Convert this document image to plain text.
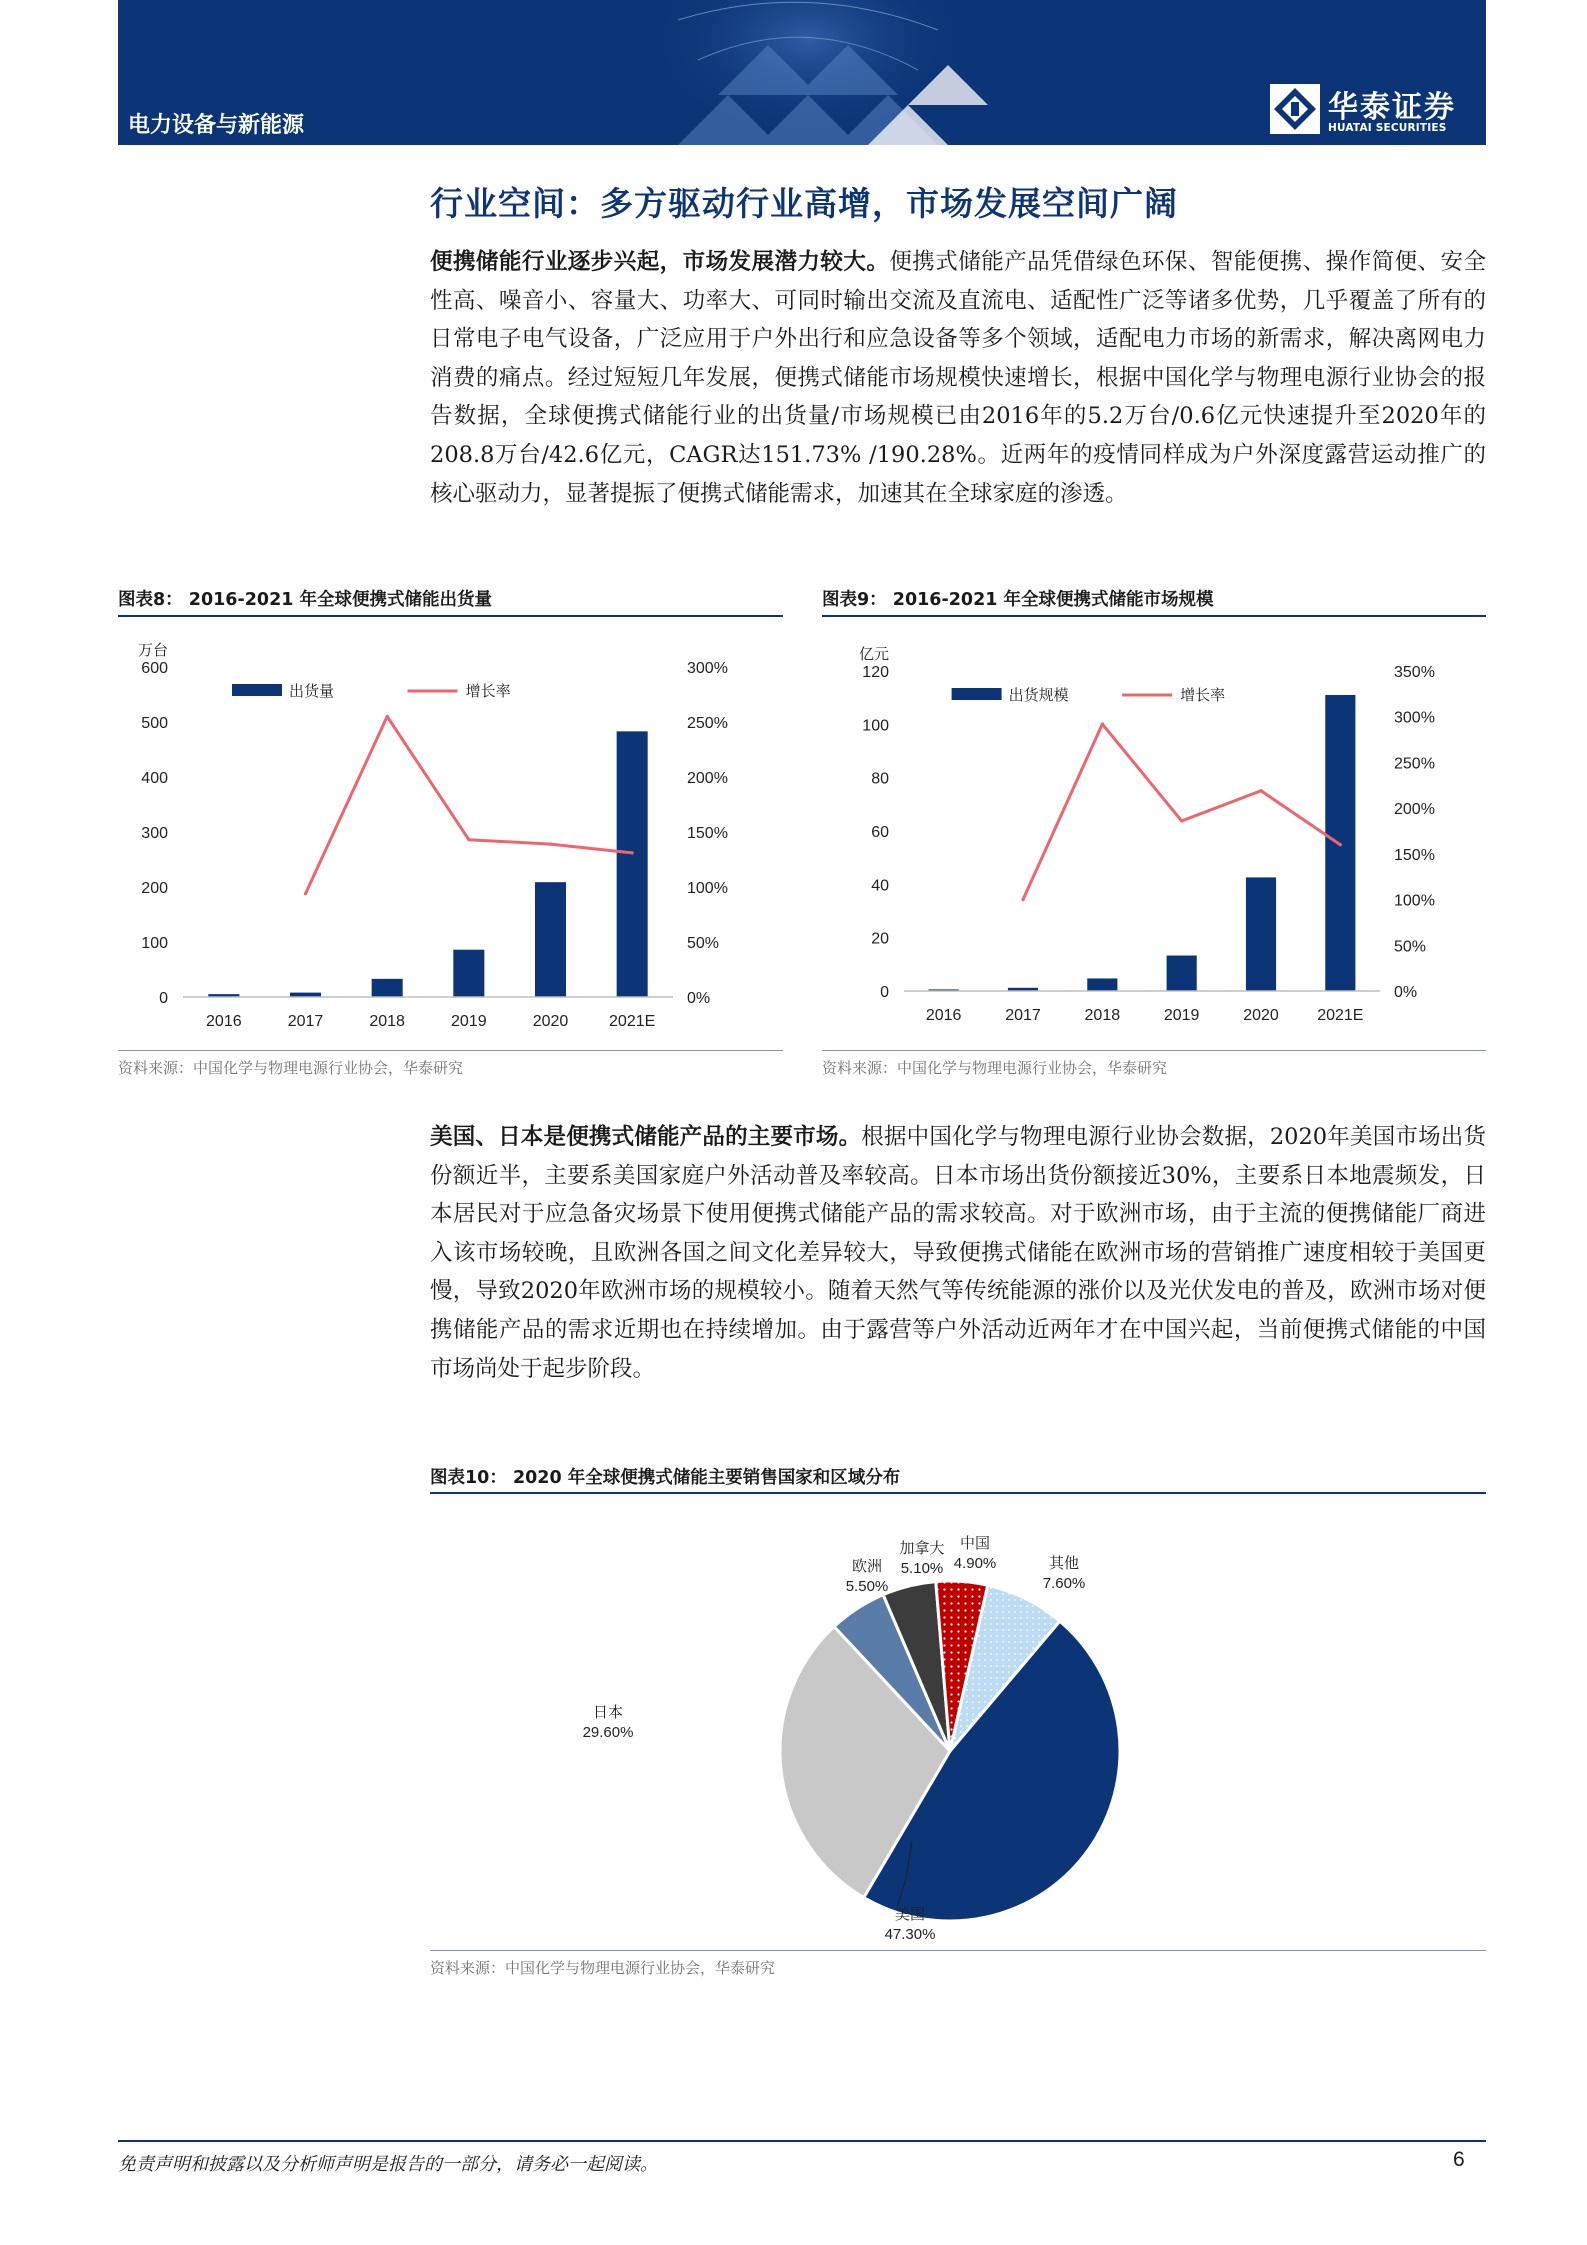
电力设备与新能源
华泰证券
HUATAI SECURITIES
行业空间：多方驱动行业高增，市场发展空间广阔
便携储能行业逐步兴起，市场发展潜力较大。便携式储能产品凭借绿色环保、智能便携、操作简便、安全性高、噪音小、容量大、功率大、可同时输出交流及直流电、适配性广泛等诸多优势，几乎覆盖了所有的日常电子电气设备，广泛应用于户外出行和应急设备等多个领域，适配电力市场的新需求，解决离网电力消费的痛点。经过短短几年发展，便携式储能市场规模快速增长，根据中国化学与物理电源行业协会的报告数据，全球便携式储能行业的出货量/市场规模已由2016年的5.2万台/0.6亿元快速提升至2020年的208.8万台/42.6亿元，CAGR达151.73% /190.28%。近两年的疫情同样成为户外深度露营运动推广的核心驱动力，显著提振了便携式储能需求，加速其在全球家庭的渗透。
图表8： 2016-2021 年全球便携式储能出货量
万台
0
100
200
300
400
500
600
0%
50%
100%
150%
200%
250%
300%
2016	2017	2018	2019	2020	2021E
出货量	增长率
资料来源：中国化学与物理电源行业协会，华泰研究
图表9： 2016-2021 年全球便携式储能市场规模
亿元
0
20
40
60
80
100
120
0%
50%
100%
150%
200%
250%
300%
350%
2016	2017	2018	2019	2020 2021E
出货规模	增长率
资料来源：中国化学与物理电源行业协会，华泰研究
美国、日本是便携式储能产品的主要市场。根据中国化学与物理电源行业协会数据，2020年美国市场出货份额近半，主要系美国家庭户外活动普及率较高。日本市场出货份额接近30%，主要系日本地震频发，日本居民对于应急备灾场景下使用便携式储能产品的需求较高。对于欧洲市场，由于主流的便携储能厂商进入该市场较晚，且欧洲各国之间文化差异较大，导致便携式储能在欧洲市场的营销推广速度相较于美国更慢，导致2020年欧洲市场的规模较小。随着天然气等传统能源的涨价以及光伏发电的普及，欧洲市场对便携储能产品的需求近期也在持续增加。由于露营等户外活动近两年才在中国兴起，当前便携式储能的中国市场尚处于起步阶段。
图表10： 2020 年全球便携式储能主要销售国家和区域分布
美国
47.30%
日本
29.60%
欧洲
5.50%
加拿大
5.10%
中国
4.90%	其他
7.60%
资料来源：中国化学与物理电源行业协会，华泰研究
免责声明和披露以及分析师声明是报告的一部分，请务必一起阅读。	6
